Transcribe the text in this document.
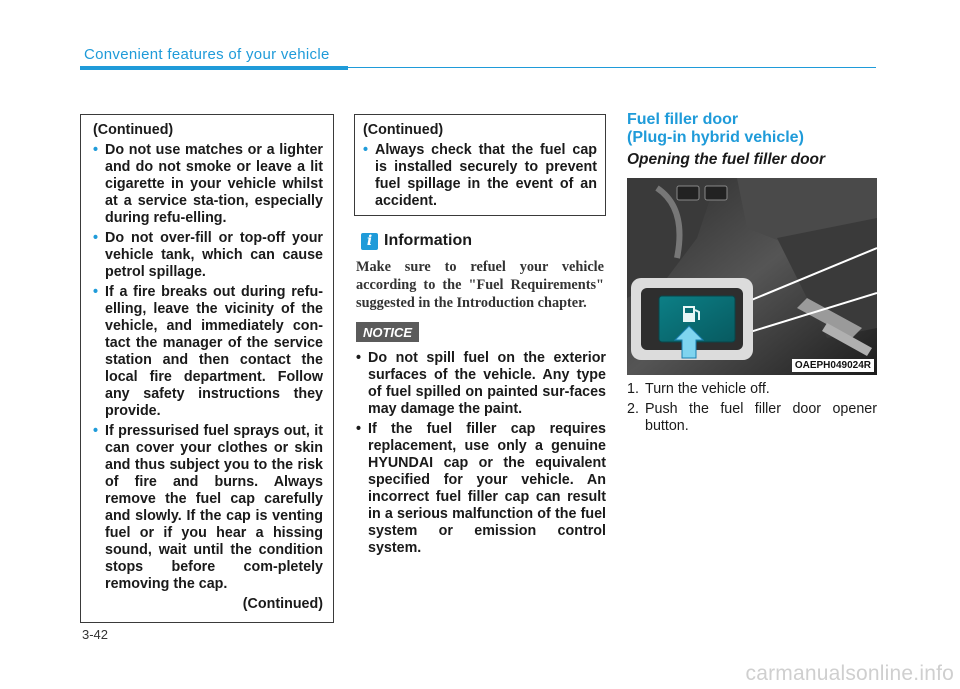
Convenient features of your vehicle
(Continued)
• Do not use matches or a lighter and do not smoke or leave a lit cigarette in your vehicle whilst at a service sta-tion, especially during refu-elling.
• Do not over-fill or top-off your vehicle tank, which can cause petrol spillage.
• If a fire breaks out during refu-elling, leave the vicinity of the vehicle, and immediately con-tact the manager of the service station and then contact the local fire department. Follow any safety instructions they provide.
• If pressurised fuel sprays out, it can cover your clothes or skin and thus subject you to the risk of fire and burns. Always remove the fuel cap carefully and slowly. If the cap is venting fuel or if you hear a hissing sound, wait until the condition stops before com-pletely removing the cap.
(Continued)
(Continued)
• Always check that the fuel cap is installed securely to prevent fuel spillage in the event of an accident.
i Information
Make sure to refuel your vehicle according to the "Fuel Requirements" suggested in the Introduction chapter.
NOTICE
• Do not spill fuel on the exterior surfaces of the vehicle. Any type of fuel spilled on painted sur-faces may damage the paint.
• If the fuel filler cap requires replacement, use only a genuine HYUNDAI cap or the equivalent specified for your vehicle. An incorrect fuel filler cap can result in a serious malfunction of the fuel system or emission control system.
Fuel filler door
(Plug-in hybrid vehicle)
Opening the fuel filler door
OAEPH049024R
1. Turn the vehicle off.
2. Push the fuel filler door opener button.
3-42
carmanualsonline.info
